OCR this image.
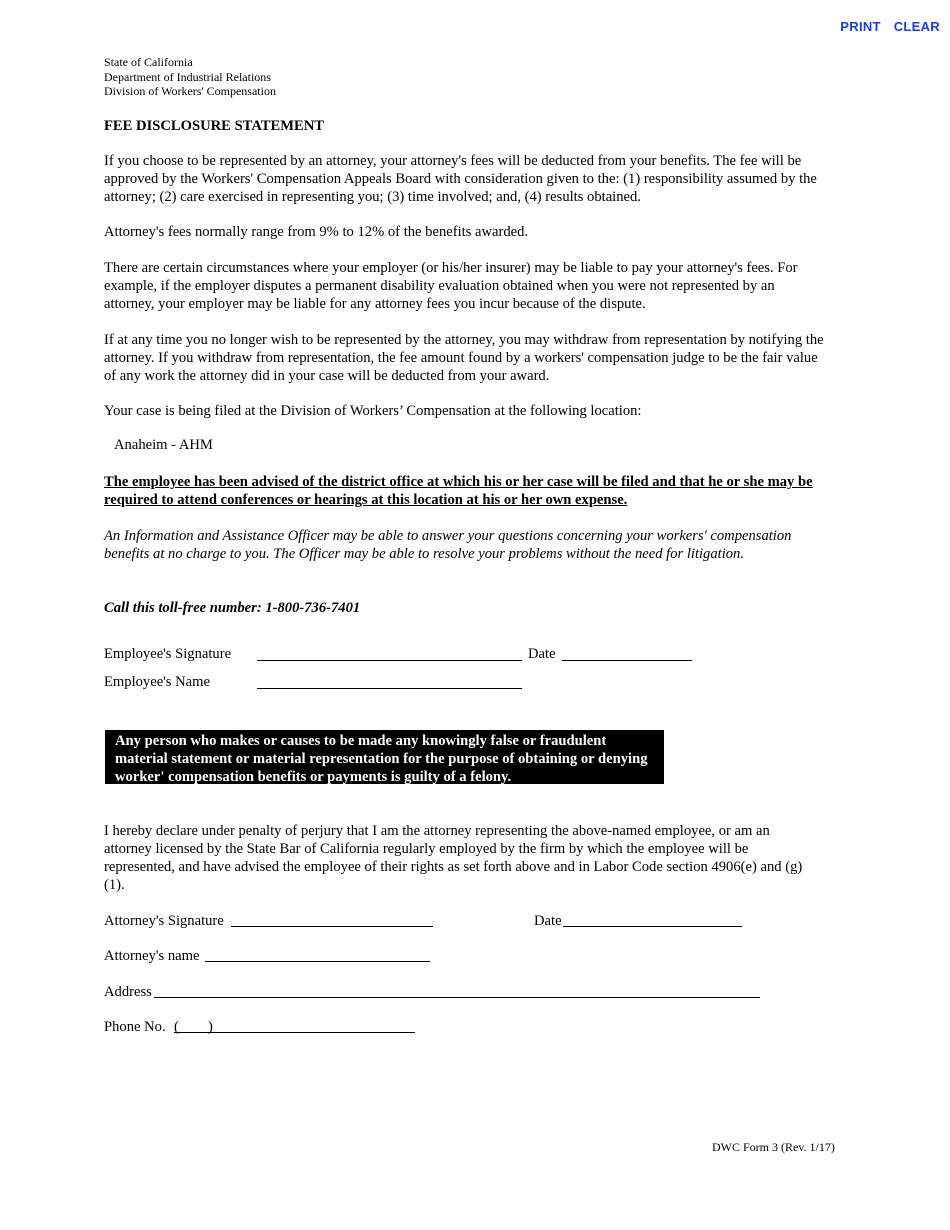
PRINT CLEAR
State of California
Department of Industrial Relations
Division of Workers' Compensation
FEE DISCLOSURE STATEMENT

If you choose to be represented by an attorney, your attorney's fees will be deducted from your benefits. The fee will be approved by the Workers' Compensation Appeals Board with consideration given to the: (1) responsibility assumed by the attorney; (2) care exercised in representing you; (3) time involved; and, (4) results obtained.

Attorney's fees normally range from 9% to 12% of the benefits awarded.

There are certain circumstances where your employer (or his/her insurer) may be liable to pay your attorney's fees. For example, if the employer disputes a permanent disability evaluation obtained when you were not represented by an attorney, your employer may be liable for any attorney fees you incur because of the dispute.

If at any time you no longer wish to be represented by the attorney, you may withdraw from representation by notifying the attorney. If you withdraw from representation, the fee amount found by a workers' compensation judge to be the fair value of any work the attorney did in your case will be deducted from your award.

Your case is being filed at the Division of Workers’ Compensation at the following location:

Anaheim - AHM
The employee has been advised of the district office at which his or her case will be filed and that he or she may be required to attend conferences or hearings at this location at his or her own expense.
An Information and Assistance Officer may be able to answer your questions concerning your workers' compensation benefits at no charge to you. The Officer may be able to resolve your problems without the need for litigation.
Call this toll-free number: 1-800-736-7401
Employee's Signature	Date
Employee's Name
Any person who makes or causes to be made any knowingly false or fraudulent material statement or material representation for the purpose of obtaining or denying worker' compensation benefits or payments is guilty of a felony.
I hereby declare under penalty of perjury that I am the attorney representing the above-named employee, or am an attorney licensed by the State Bar of California regularly employed by the firm by which the employee will be represented, and have advised the employee of their rights as set forth above and in Labor Code section 4906(e) and (g)(1).
Attorney's Signature	Date
Attorney's name
Address
Phone No. (        )
DWC Form 3 (Rev. 1/17)
